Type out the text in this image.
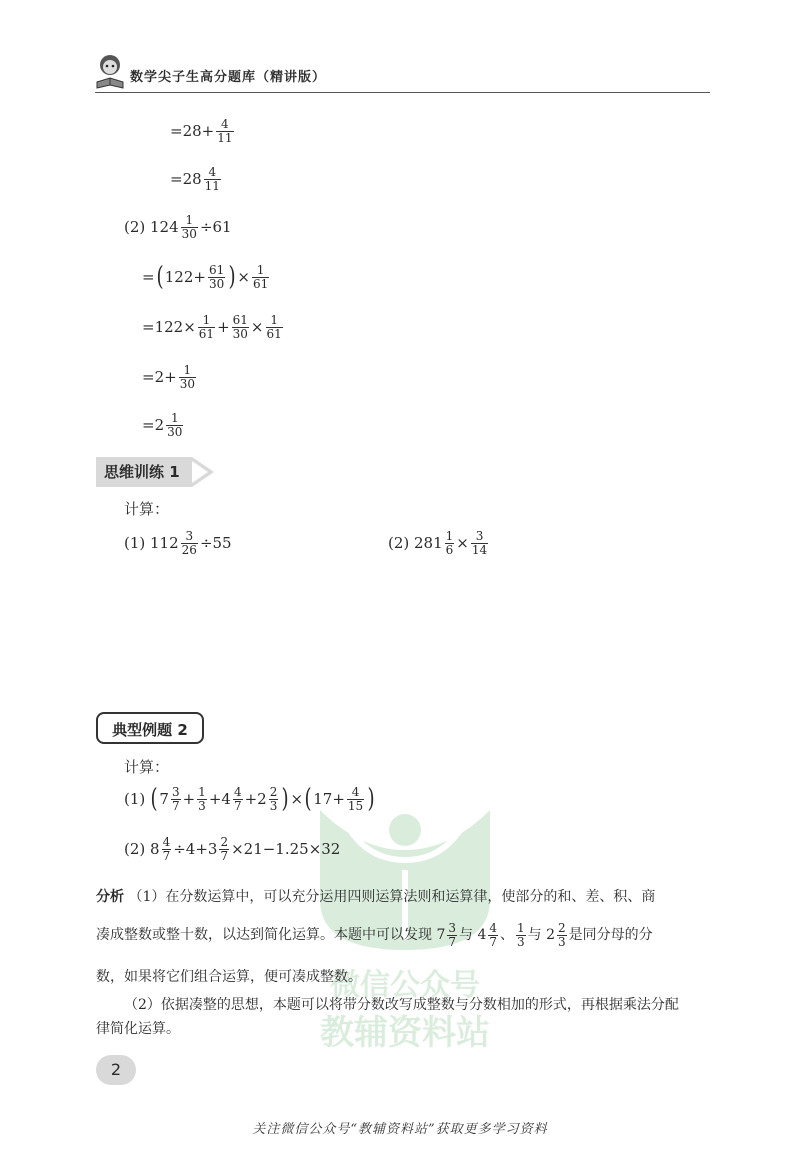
数学尖子生高分题库（精讲版）
$=28+ \frac{4}{11}$
$=28 \frac{4}{11}$
(2) $124 \frac{1}{30} \div 61$
= ( $122+ \frac{61}{30}$ ) × $\frac{1}{61}$
$=122\times \frac{1}{61} + \frac{61}{30} \times \frac{1}{61}$
$=2+ \frac{1}{30}$
$=2 \frac{1}{30}$
思维训练 1
计算：
(1) $112 \frac{3}{26} \div 55$	(2) $281 \frac{1}{6} \times \frac{3}{14}$
微信公众号
教辅资料站
典型例题 2
计算：
(1) ( $7 \frac{3}{7} + \frac{1}{3} +4 \frac{4}{7} +2 \frac{2}{3}$ ) × ( $17+ \frac{4}{15}$ )
(2) $8 \frac{4}{7} \div 4+3 \frac{2}{7} \times 21-1.25\times 32$
分析 （1）在分数运算中，可以充分运用四则运算法则和运算律，使部分的和、差、积、商
凑成整数或整十数，以达到简化运算。本题中可以发现 $7 \frac{3}{7}$ 与 $4 \frac{4}{7}$ 、 $\frac{1}{3}$ 与 $2 \frac{2}{3}$ 是同分母的分
数，如果将它们组合运算，便可凑成整数。
（2）依据凑整的思想，本题可以将带分数改写成整数与分数相加的形式，再根据乘法分配
律简化运算。
2
关注微信公众号“教辅资料站”获取更多学习资料
